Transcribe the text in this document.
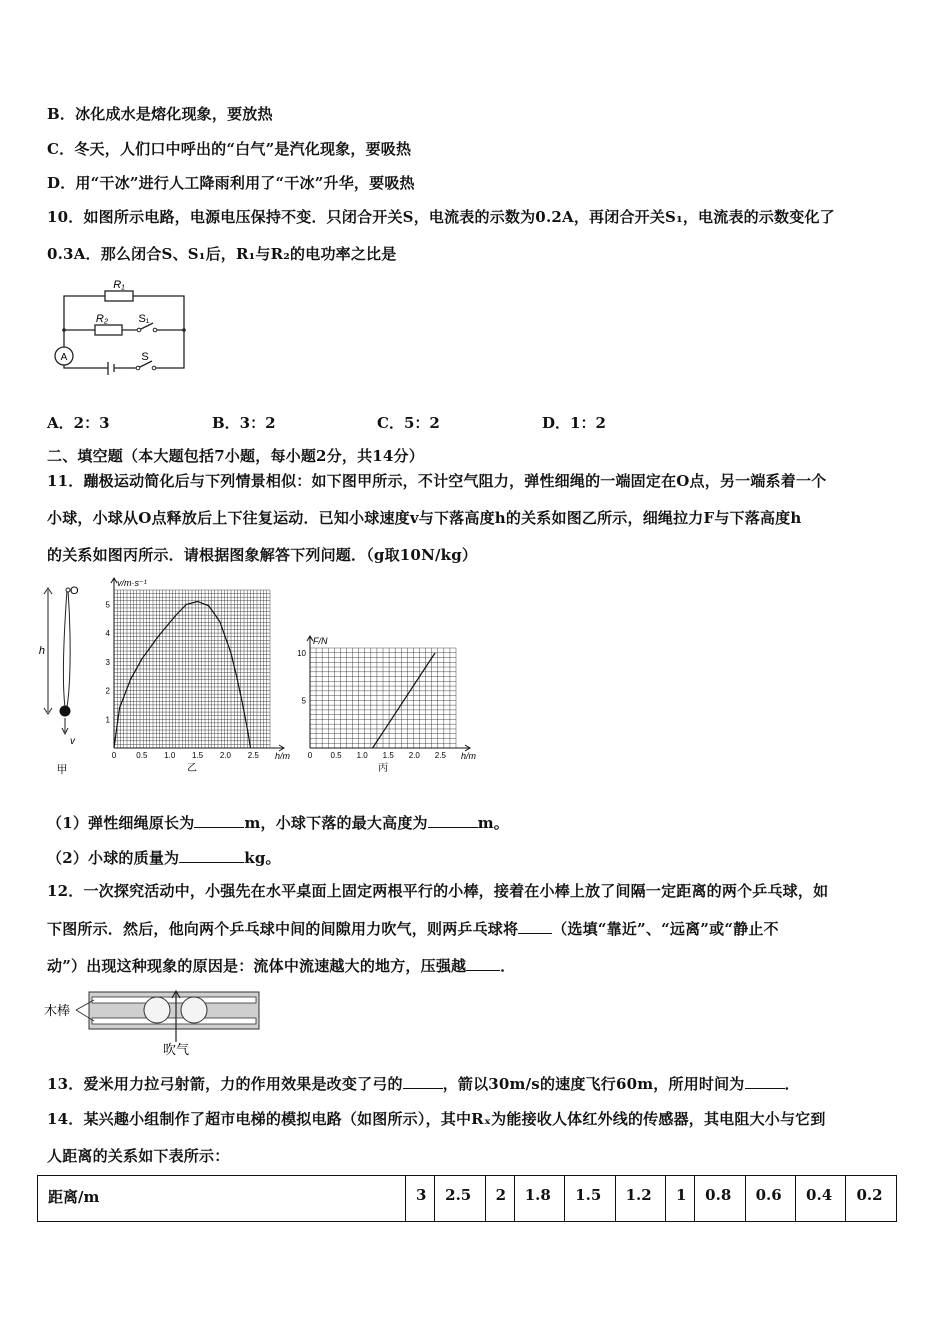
B．冰化成水是熔化现象，要放热
C．冬天，人们口中呼出的“白气”是汽化现象，要吸热
D．用“干冰”进行人工降雨利用了“干冰”升华，要吸热
10．如图所示电路，电源电压保持不变．只闭合开关S，电流表的示数为0.2A，再闭合开关S₁，电流表的示数变化了
0.3A．那么闭合S、S₁后，R₁与R₂的电功率之比是
A
R₁
R₂	S₁
S
A．2：3	B．3：2	C．5：2	D．1：2
二、填空题（本大题包括7小题，每小题2分，共14分）
11．蹦极运动简化后与下列情景相似：如下图甲所示，不计空气阻力，弹性细绳的一端固定在O点，另一端系着一个
小球，小球从O点释放后上下往复运动．已知小球速度v与下落高度h的关系如图乙所示，细绳拉力F与下落高度h
的关系如图丙所示．请根据图象解答下列问题．（g取10N/kg）
O
h
v
甲
0	0.5 1.0 1.5 2.0 2.5
1
2
3
4
5
v/m·s⁻¹
h/m
乙
0 0.5 1.0 1.5 2.0 2.5
5
10
F/N
h/m
丙
（1）弹性细绳原长为	m，小球下落的最大高度为	m。
（2）小球的质量为	kg。
12．一次探究活动中，小强先在水平桌面上固定两根平行的小棒，接着在小棒上放了间隔一定距离的两个乒乓球，如
下图所示．然后，他向两个乒乓球中间的间隙用力吹气，则两乒乓球将 （选填“靠近”、“远离”或“静止不
动”）出现这种现象的原因是：流体中流速越大的地方，压强越 ．
木棒
吹气
13．爱米用力拉弓射箭，力的作用效果是改变了弓的	，箭以30m/s的速度飞行60m，所用时间为	．
14．某兴趣小组制作了超市电梯的模拟电路（如图所示），其中Rₓ为能接收人体红外线的传感器，其电阻大小与它到
人距离的关系如下表所示：
距离/m	3	2.5	2	1.8	1.5	1.2	1	0.8	0.6	0.4	0.2
